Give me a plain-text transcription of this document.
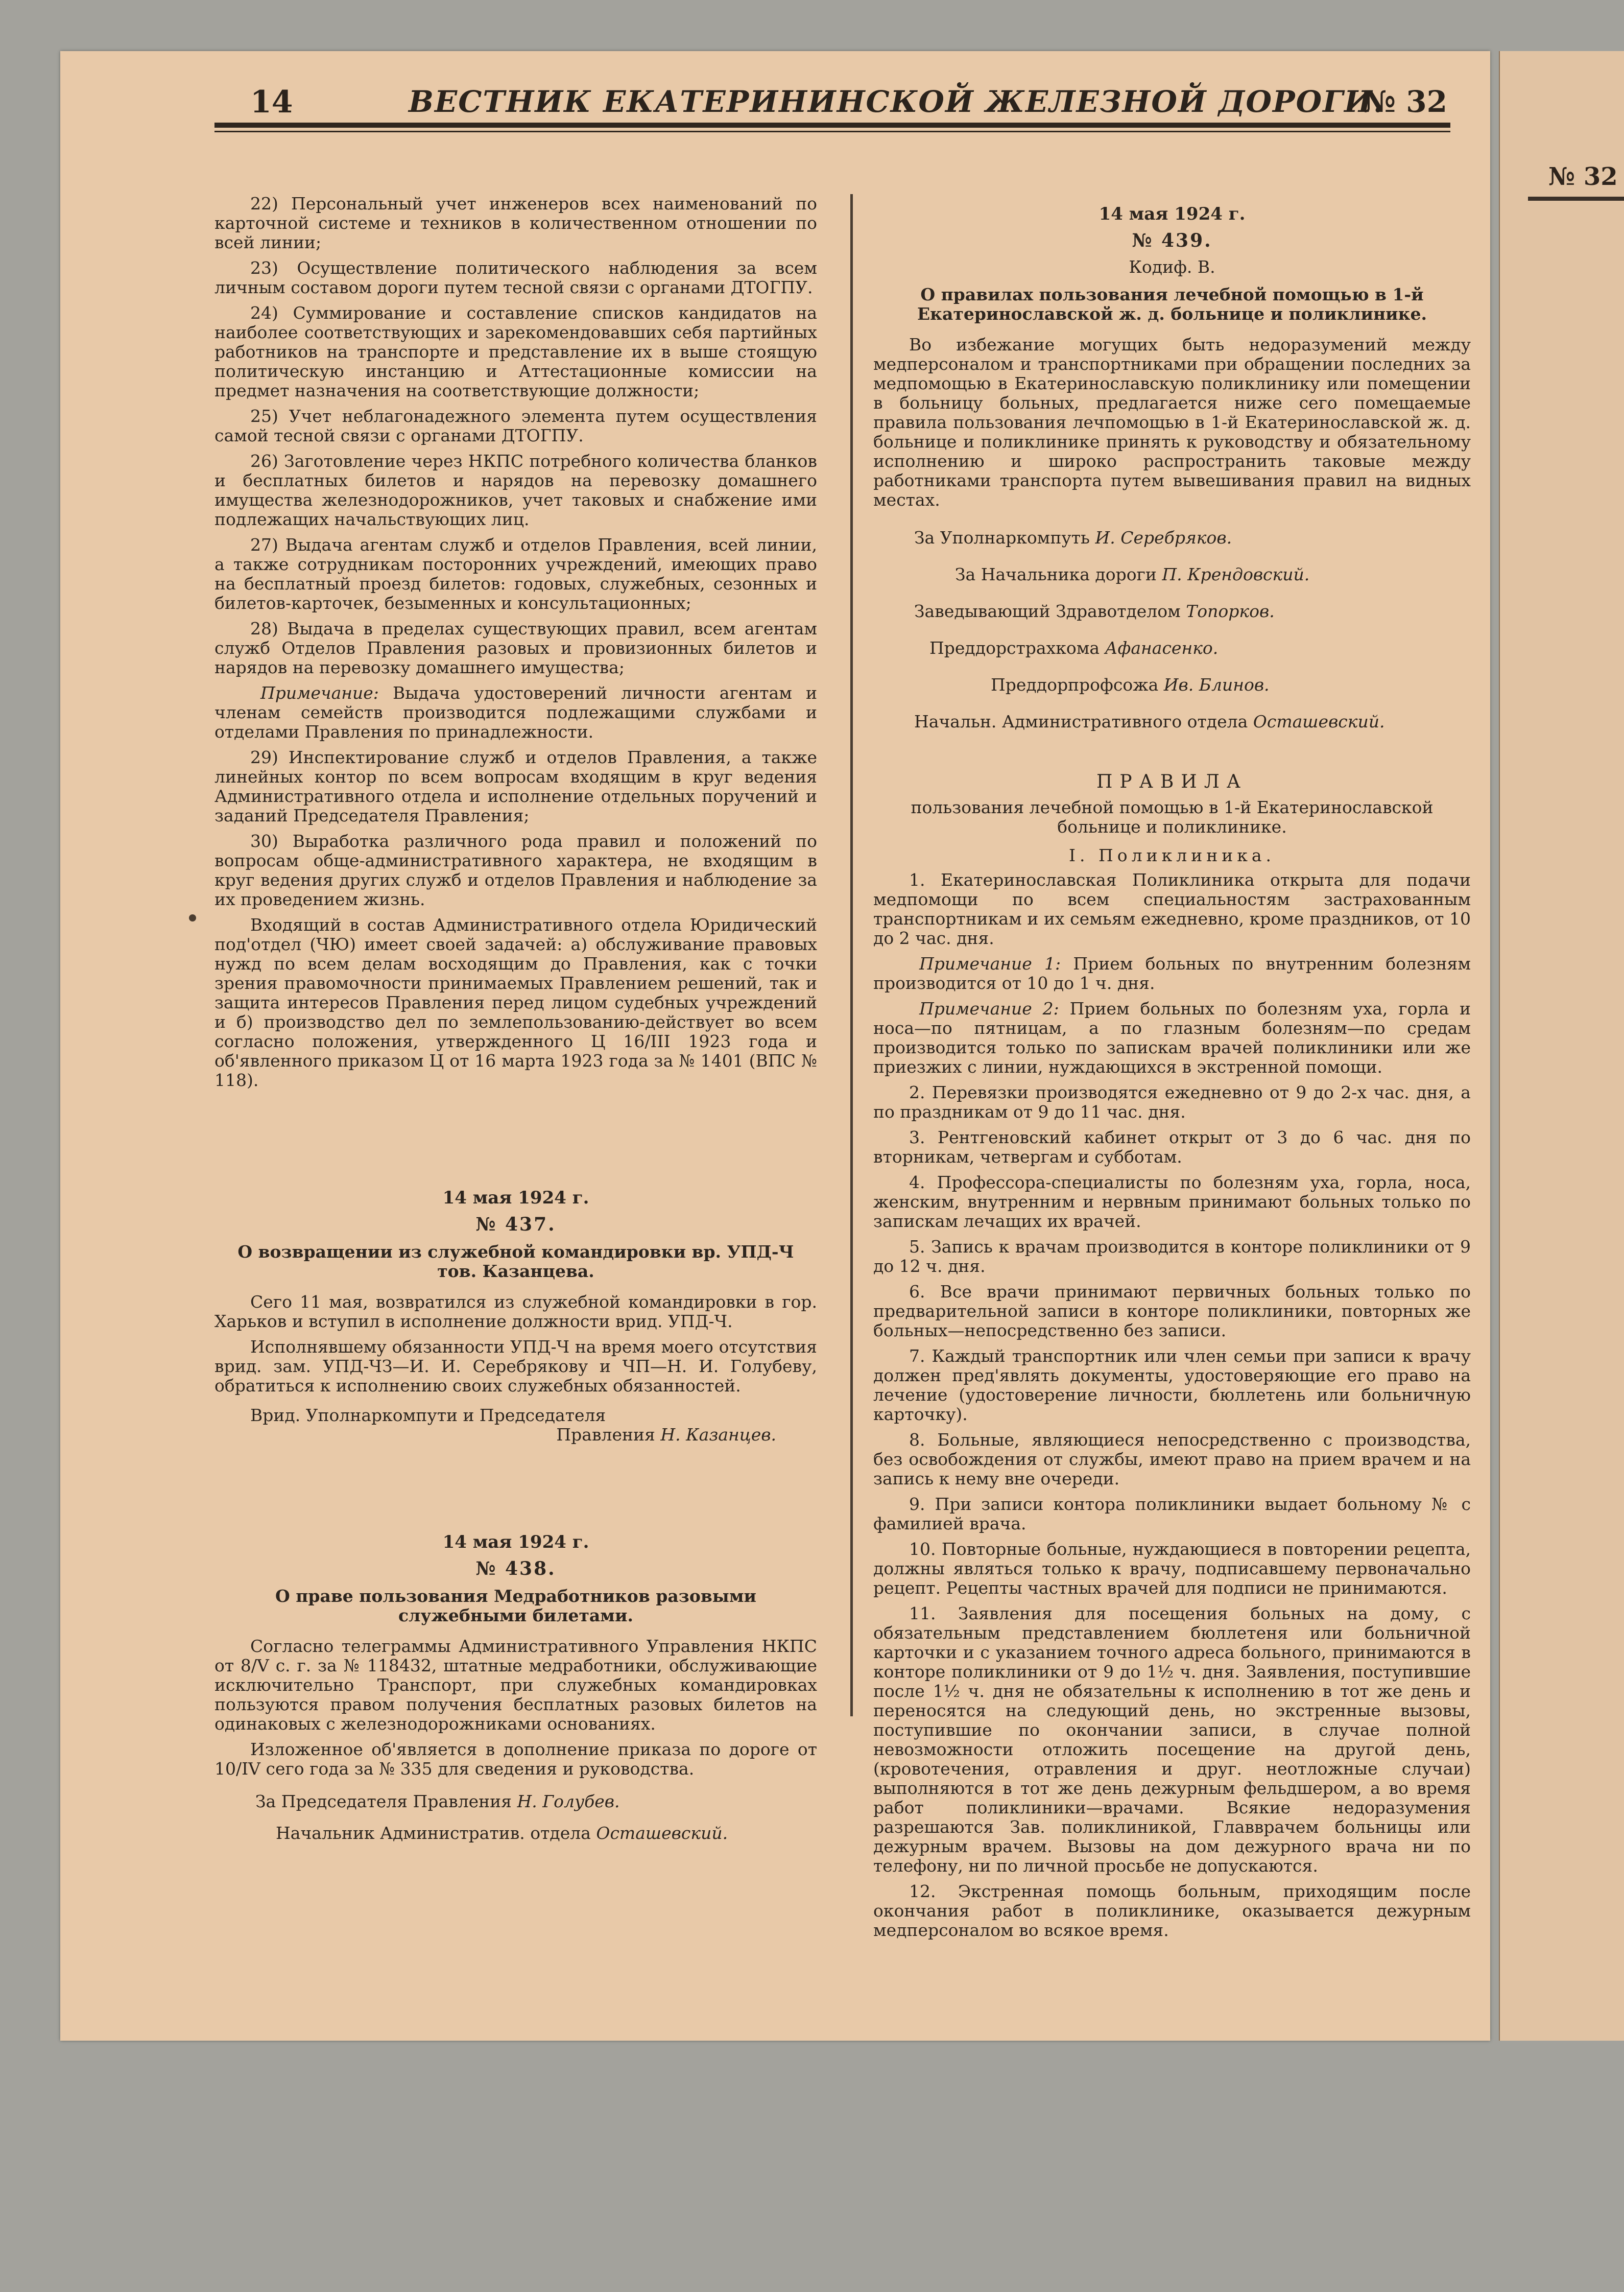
№ 32
14	ВЕСТНИК ЕКАТЕРИНИНСКОЙ ЖЕЛЕЗНОЙ ДОРОГИ.
№ 32

22) Персональный учет инженеров всех наименований по карточной системе и техников в количественном отношении по всей линии;

23) Осуществление политического наблюдения за всем личным составом дороги путем тесной связи с органами ДТОГПУ.

24) Суммирование и составление списков кандидатов на наиболее соответствующих и зарекомендовавших себя партийных работников на транспорте и представление их в выше стоящую политическую инстанцию и Аттестационные комиссии на предмет назначения на соответствующие должности;

25) Учет неблагонадежного элемента путем осуществления самой тесной связи с органами ДТОГПУ.

26) Заготовление через НКПС потребного количества бланков и бесплатных билетов и нарядов на перевозку домашнего имущества железнодорожников, учет таковых и снабжение ими подлежащих начальствующих лиц.

27) Выдача агентам служб и отделов Правления, всей линии, а также сотрудникам посторонних учреждений, имеющих право на бесплатный проезд билетов: годовых, служебных, сезонных и билетов-карточек, безыменных и консультационных;

28) Выдача в пределах существующих правил, всем агентам служб Отделов Правления разовых и провизионных билетов и нарядов на перевозку домашнего имущества;

Примечание: Выдача удостоверений личности агентам и членам семейств производится подлежащими службами и отделами Правления по принадлежности.

29) Инспектирование служб и отделов Правления, а также линейных контор по всем вопросам входящим в круг ведения Административного отдела и исполнение отдельных поручений и заданий Председателя Правления;

30) Выработка различного рода правил и положений по вопросам обще-административного характера, не входящим в круг ведения других служб и отделов Правления и наблюдение за их проведением жизнь.

Входящий в состав Административного отдела Юридический под'отдел (ЧЮ) имеет своей задачей: а) обслуживание правовых нужд по всем делам восходящим до Правления, как с точки зрения правомочности принимаемых Правлением решений, так и защита интересов Правления перед лицом судебных учреждений и б) производство дел по землепользованию-действует во всем согласно положения, утвержденного Ц 16/III 1923 года и об'явленного приказом Ц от 16 марта 1923 года за № 1401 (ВПС № 118).

14 мая 1924 г.
№ 437.
О возвращении из служебной командировки вр. УПД-Ч тов. Казанцева.

Сего 11 мая, возвратился из служебной командировки в гор. Харьков и вступил в исполнение должности врид. УПД-Ч.

Исполнявшему обязанности УПД-Ч на время моего отсутствия врид. зам. УПД-ЧЗ—И. И. Серебрякову и ЧП—Н. И. Голубеву, обратиться к исполнению своих служебных обязанностей.

Врид. Уполнаркомпути и Председателя

Правления Н. Казанцев.

14 мая 1924 г.
№ 438.
О праве пользования Медработников разовыми служебными билетами.

Согласно телеграммы Административного Управления НКПС от 8/V с. г. за № 118432, штатные медработники, обслуживающие исключительно Транспорт, при служебных командировках пользуются правом получения бесплатных разовых билетов на одинаковых с железнодорожниками основаниях.

Изложенное об'является в дополнение приказа по дороге от 10/IV сего года за № 335 для сведения и руководства.

За Председателя Правления Н. Голубев.

Начальник Административ. отдела Осташевский.

14 мая 1924 г.
№ 439.
Кодиф. В.
О правилах пользования лечебной помощью в 1-й Екатеринославской ж. д. больнице и поликлинике.

Во избежание могущих быть недоразумений между медперсоналом и транспортниками при обращении последних за медпомощью в Екатеринославскую поликлинику или помещении в больницу больных, предлагается ниже сего помещаемые правила пользования лечпомощью в 1-й Екатеринославской ж. д. больнице и поликлинике принять к руководству и обязательному исполнению и широко распространить таковые между работниками транспорта путем вывешивания правил на видных местах.

За Уполнаркомпуть И. Серебряков.

За Начальника дороги П. Крендовский.

Заведывающий Здравотделом Топорков.

Преддорстрахкома Афанасенко.

Преддорпрофсожа Ив. Блинов.

Начальн. Административного отдела Осташевский.

ПРАВИЛА
пользования лечебной помощью в 1-й Екатеринославской больнице и поликлинике.
I. Поликлиника.

1. Екатеринославская Поликлиника открыта для подачи медпомощи по всем специальностям застрахованным транспортникам и их семьям ежедневно, кроме праздников, от 10 до 2 час. дня.

Примечание 1: Прием больных по внутренним болезням производится от 10 до 1 ч. дня.

Примечание 2: Прием больных по болезням уха, горла и носа—по пятницам, а по глазным болезням—по средам производится только по запискам врачей поликлиники или же приезжих с линии, нуждающихся в экстренной помощи.

2. Перевязки производятся ежедневно от 9 до 2-х час. дня, а по праздникам от 9 до 11 час. дня.

3. Рентгеновский кабинет открыт от 3 до 6 час. дня по вторникам, четвергам и субботам.

4. Профессора-специалисты по болезням уха, горла, носа, женским, внутренним и нервным принимают больных только по запискам лечащих их врачей.

5. Запись к врачам производится в конторе поликлиники от 9 до 12 ч. дня.

6. Все врачи принимают первичных больных только по предварительной записи в конторе поликлиники, повторных же больных—непосредственно без записи.

7. Каждый транспортник или член семьи при записи к врачу должен пред'являть документы, удостоверяющие его право на лечение (удостоверение личности, бюллетень или больничную карточку).

8. Больные, являющиеся непосредственно с производства, без освобождения от службы, имеют право на прием врачем и на запись к нему вне очереди.

9. При записи контора поликлиники выдает больному № с фамилией врача.

10. Повторные больные, нуждающиеся в повторении рецепта, должны являться только к врачу, подписавшему первоначально рецепт. Рецепты частных врачей для подписи не принимаются.

11. Заявления для посещения больных на дому, с обязательным представлением бюллетеня или больничной карточки и с указанием точного адреса больного, принимаются в конторе поликлиники от 9 до 1½ ч. дня. Заявления, поступившие после 1½ ч. дня не обязательны к исполнению в тот же день и переносятся на следующий день, но экстренные вызовы, поступившие по окончании записи, в случае полной невозможности отложить посещение на другой день, (кровотечения, отравления и друг. неотложные случаи) выполняются в тот же день дежурным фельдшером, а во время работ поликлиники—врачами. Всякие недоразумения разрешаются Зав. поликлиникой, Главврачем больницы или дежурным врачем. Вызовы на дом дежурного врача ни по телефону, ни по личной просьбе не допускаются.

12. Экстренная помощь больным, приходящим после окончания работ в поликлинике, оказывается дежурным медперсоналом во всякое время.
